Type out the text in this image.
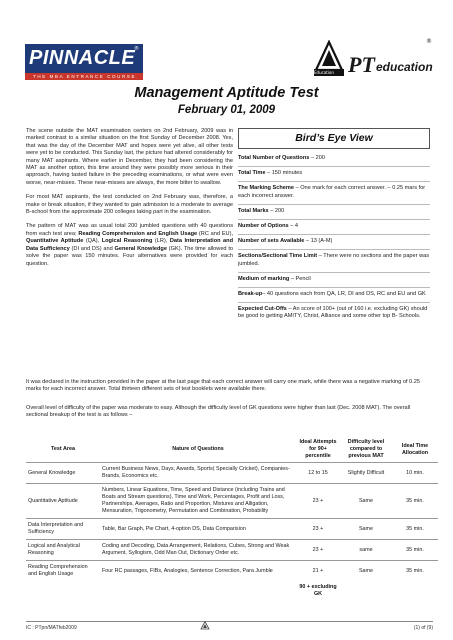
PINNACLE
®
THE MBA ENTRANCE COURSE
Education PT education
®
Management Aptitude Test
February 01, 2009

The scene outside the MAT examination centers on 2nd February, 2009 was in marked contrast to a similar situation on the first Sunday of December 2008. Yes, that was the day of the December MAT and hopes were yet alive, all other tests were yet to be conducted. This Sunday last, the picture had altered considerably for many MAT aspirants. Where earlier in December, they had been considering the MAT as another option, this time around they were possibly more serious in their approach, having tasted failure in the preceding examinations, or what were even worse, near-misses. These near-misses are always, the more bitter to swallow.

For most MAT aspirants, the test conducted on 2nd February was, therefore, a make or break situation, if they wanted to gain admission to a moderate to average B-school from the approximate 200 colleges taking part in the examination.

The pattern of MAT was as usual total 200 jumbled questions with 40 questions from each test area; Reading Comprehension and English Usage (RC and EU), Quantitative Aptitude (QA), Logical Reasoning (LR), Data Interpretation and Data Sufficiency (DI and DS) and General Knowledge (GK). The time allowed to solve the paper was 150 minutes. Four alternatives were provided for each question.

Bird’s Eye View
Total Number of Questions – 200
Total Time – 150 minutes
The Marking Scheme – One mark for each correct answer. – 0.25 mars for each incorrect answer.
Total Marks – 200
Number of Options – 4
Number of sets Available – 13 (A-M)
Sections/Sectional Time Limit – There were no sections and the paper was jumbled.
Medium of marking – Pencil
Break-up– 40 questions each from QA, LR, DI and DS, RC and EU and GK
Expected Cut-Offs – An score of 100+ (out of 160 i.e. excluding GK) should be good to getting AMITY, Christ, Alliance and some other top B- Schools.

It was declared in the instruction provided in the paper at the last page that each correct answer will carry one mark, while there was a negative marking of 0.25 marks for each incorrect answer. Total thirteen different sets of test booklets were available there.

Overall level of difficulty of the paper was moderate to easy. Although the difficulty level of GK questions were higher than last (Dec. 2008 MAT). The overall sectional breakup of the test is as follows –

Test Area	Nature of Questions	Ideal Attempts for 90+ percentile	Difficulty level compared to previous MAT	Ideal Time Allocation
General Knowledge	Current Business News, Days, Awards, Sports( Specially Cricket), Companies-Brands, Economics etc.	12 to 15	Slightly Difficult	10 min.
Quantitative Aptitude	Numbers, Linear Equations, Time, Speed and Distance (including Trains and Boats and Stream questions), Time and Work, Percentages, Profit and Loss, Partnerships, Averages, Ratio and Proportion, Mixtures and Alligation, Mensuration, Trigonometry, Permutation and Combination, Probability	23 +	Same	35 min.
Data Interpretation and Sufficiency	Table, Bar Graph, Pie Chart, 4-option DS, Data Comparision	23 +	Same	35 min.
Logical and Analytical Reasoning	Coding and Decoding, Data Arrangement, Relations, Cubes, Strong and Weak Argument, Syllogism, Odd Man Out, Dictionary Order etc.	23 +	same	35 min.
Reading Comprehension and English Usage	Four RC passages, FIBs, Analogies, Sentence Correction, Para Jumble	21 +	Same	35 min.
		90 + excluding GK		
IC : PTpn/MATfeb2009	(1) of (9)
